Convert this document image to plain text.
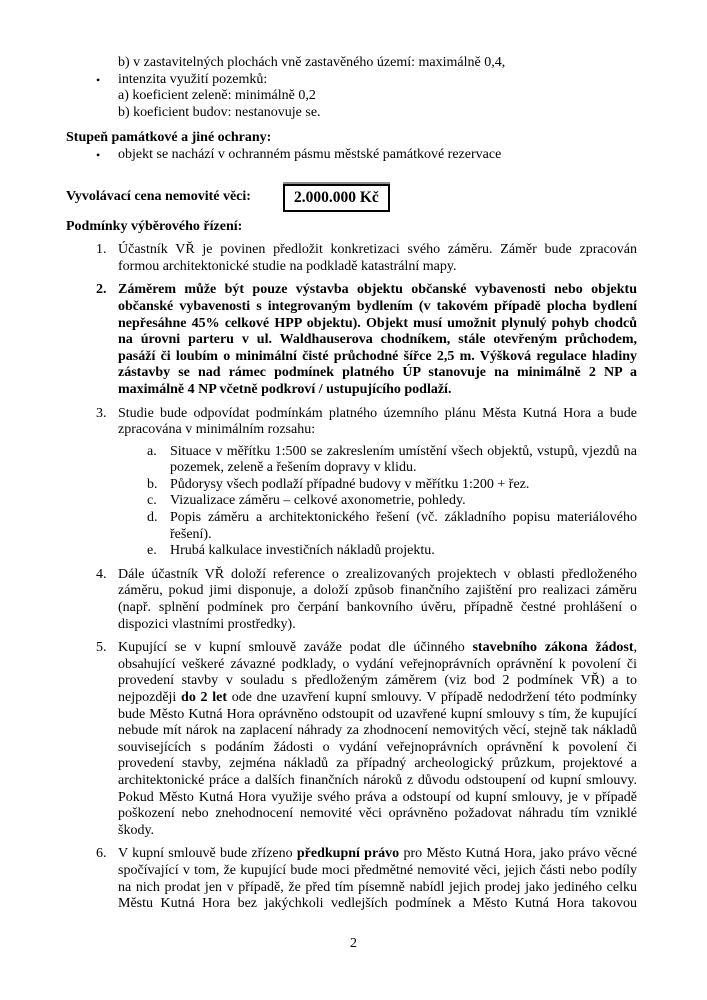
b) v zastavitelných plochách vně zastavěného území: maximálně 0,4,
•	intenzita využití pozemků:
a) koeficient zeleně: minimálně 0,2
b) koeficient budov: nestanovuje se.
Stupeň památkové a jiné ochrany:
•	objekt se nachází v ochranném pásmu městské památkové rezervace
Vyvolávací cena nemovité věci:	2.000.000 Kč
Podmínky výběrového řízení:
1. Účastník VŘ je povinen předložit konkretizaci svého záměru. Záměr bude zpracován formou architektonické studie na podkladě katastrální mapy.
2. Záměrem může být pouze výstavba objektu občanské vybavenosti nebo objektu občanské vybavenosti s integrovaným bydlením (v takovém případě plocha bydlení nepřesáhne 45% celkové HPP objektu). Objekt musí umožnit plynulý pohyb chodců na úrovni parteru v ul. Waldhauserova chodníkem, stále otevřeným průchodem, pasáží či loubím o minimální čisté průchodné šířce 2,5 m. Výšková regulace hladiny zástavby se nad rámec podmínek platného ÚP stanovuje na minimálně 2 NP a maximálně 4 NP včetně podkroví / ustupujícího podlaží.
3. Studie bude odpovídat podmínkám platného územního plánu Města Kutná Hora a bude zpracována v minimálním rozsahu:
a. Situace v měřítku 1:500 se zakreslením umístění všech objektů, vstupů, vjezdů na pozemek, zeleně a řešením dopravy v klidu.
b. Půdorysy všech podlaží případné budovy v měřítku 1:200 + řez.
c. Vizualizace záměru – celkové axonometrie, pohledy.
d. Popis záměru a architektonického řešení (vč. základního popisu materiálového řešení).
e. Hrubá kalkulace investičních nákladů projektu.
4. Dále účastník VŘ doloží reference o zrealizovaných projektech v oblasti předloženého záměru, pokud jimi disponuje, a doloží způsob finančního zajištění pro realizaci záměru (např. splnění podmínek pro čerpání bankovního úvěru, případně čestné prohlášení o dispozici vlastními prostředky).
5. Kupující se v kupní smlouvě zaváže podat dle účinného stavebního zákona žádost, obsahující veškeré závazné podklady, o vydání veřejnoprávních oprávnění k povolení či provedení stavby v souladu s předloženým záměrem (viz bod 2 podmínek VŘ) a to nejpozději do 2 let ode dne uzavření kupní smlouvy. V případě nedodržení této podmínky bude Město Kutná Hora oprávněno odstoupit od uzavřené kupní smlouvy s tím, že kupující nebude mít nárok na zaplacení náhrady za zhodnocení nemovitých věcí, stejně tak nákladů souvisejících s podáním žádosti o vydání veřejnoprávních oprávnění k povolení či provedení stavby, zejména nákladů za případný archeologický průzkum, projektové a architektonické práce a dalších finančních nároků z důvodu odstoupení od kupní smlouvy. Pokud Město Kutná Hora využije svého práva a odstoupí od kupní smlouvy, je v případě poškození nebo znehodnocení nemovité věci oprávněno požadovat náhradu tím vzniklé škody.
6. V kupní smlouvě bude zřízeno předkupní právo pro Město Kutná Hora, jako právo věcné spočívající v tom, že kupující bude moci předmětné nemovité věci, jejich části nebo podíly na nich prodat jen v případě, že před tím písemně nabídl jejich prodej jako jediného celku Městu Kutná Hora bez jakýchkoli vedlejších podmínek a Město Kutná Hora takovou
2
